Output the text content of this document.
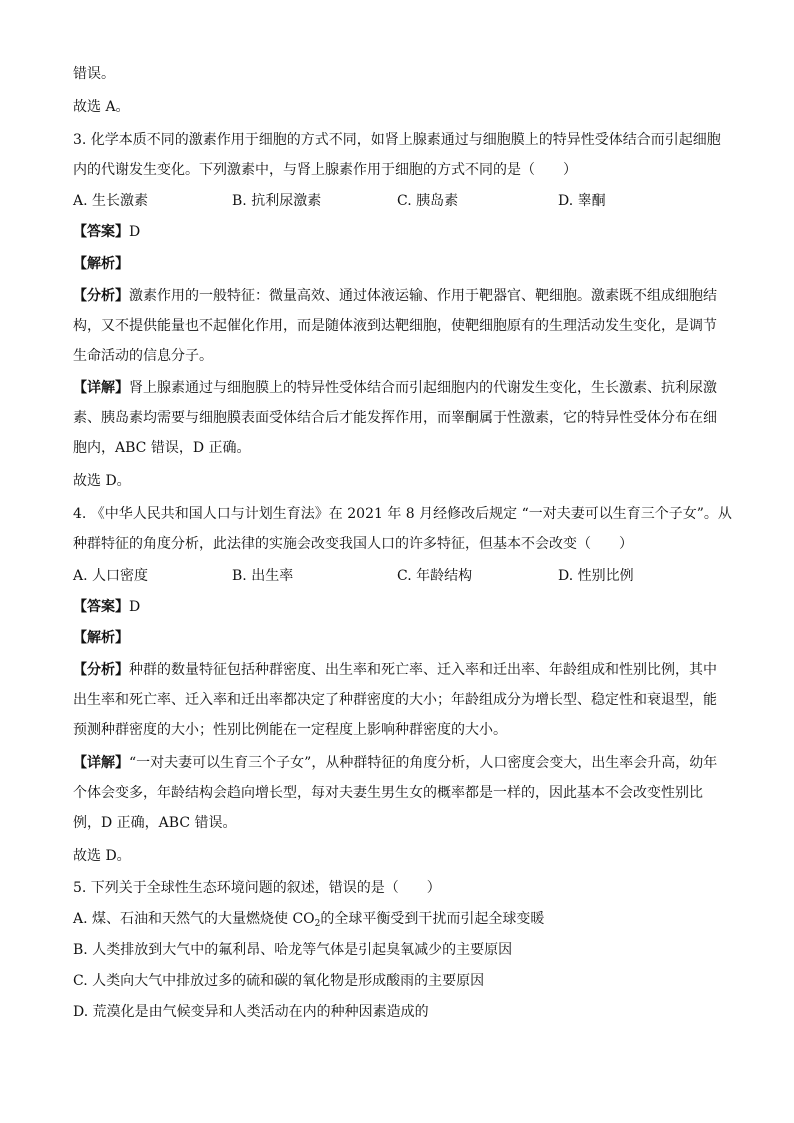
错误。
故选 A。
3. 化学本质不同的激素作用于细胞的方式不同，如肾上腺素通过与细胞膜上的特异性受体结合而引起细胞
内的代谢发生变化。下列激素中，与肾上腺素作用于细胞的方式不同的是（　　）
A. 生长激素	B. 抗利尿激素	C. 胰岛素	D. 睾酮
【答案】D
【解析】
【分析】激素作用的一般特征：微量高效、通过体液运输、作用于靶器官、靶细胞。激素既不组成细胞结
构，又不提供能量也不起催化作用，而是随体液到达靶细胞，使靶细胞原有的生理活动发生变化，是调节
生命活动的信息分子。
【详解】肾上腺素通过与细胞膜上的特异性受体结合而引起细胞内的代谢发生变化，生长激素、抗利尿激
素、胰岛素均需要与细胞膜表面受体结合后才能发挥作用，而睾酮属于性激素，它的特异性受体分布在细
胞内，ABC 错误，D 正确。
故选 D。
4. 《中华人民共和国人口与计划生育法》在 2021 年 8 月经修改后规定 “一对夫妻可以生育三个子女”。从
种群特征的角度分析，此法律的实施会改变我国人口的许多特征，但基本不会改变（　　）
A. 人口密度	B. 出生率	C. 年龄结构	D. 性别比例
【答案】D
【解析】
【分析】种群的数量特征包括种群密度、出生率和死亡率、迁入率和迁出率、年龄组成和性别比例，其中
出生率和死亡率、迁入率和迁出率都决定了种群密度的大小；年龄组成分为增长型、稳定性和衰退型，能
预测种群密度的大小；性别比例能在一定程度上影响种群密度的大小。
【详解】“一对夫妻可以生育三个子女”，从种群特征的角度分析，人口密度会变大，出生率会升高，幼年
个体会变多，年龄结构会趋向增长型，每对夫妻生男生女的概率都是一样的，因此基本不会改变性别比
例，D 正确，ABC 错误。
故选 D。
5. 下列关于全球性生态环境问题的叙述，错误的是（　　）
A. 煤、石油和天然气的大量燃烧使 $CO_2$的全球平衡受到干扰而引起全球变暖
B. 人类排放到大气中的氟利昂、哈龙等气体是引起臭氧减少的主要原因
C. 人类向大气中排放过多的硫和碳的氧化物是形成酸雨的主要原因
D. 荒漠化是由气候变异和人类活动在内的种种因素造成的
